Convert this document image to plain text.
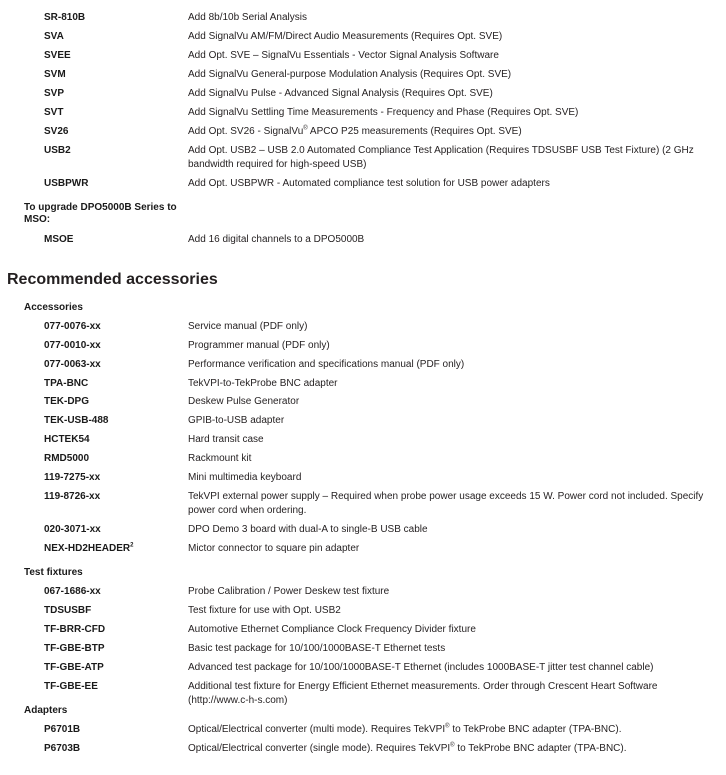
SR-810B	Add 8b/10b Serial Analysis
SVA	Add SignalVu AM/FM/Direct Audio Measurements (Requires Opt. SVE)
SVEE	Add Opt. SVE – SignalVu Essentials - Vector Signal Analysis Software
SVM	Add SignalVu General-purpose Modulation Analysis (Requires Opt. SVE)
SVP	Add SignalVu Pulse - Advanced Signal Analysis (Requires Opt. SVE)
SVT	Add SignalVu Settling Time Measurements - Frequency and Phase (Requires Opt. SVE)
SV26	Add Opt. SV26 - SignalVu® APCO P25 measurements (Requires Opt. SVE)
USB2	Add Opt. USB2 – USB 2.0 Automated Compliance Test Application (Requires TDSUSBF USB Test Fixture) (2 GHz bandwidth required for high-speed USB)
USBPWR	Add Opt. USBPWR - Automated compliance test solution for USB power adapters
To upgrade DPO5000B Series to MSO:
MSOE	Add 16 digital channels to a DPO5000B
Recommended accessories
Accessories
077-0076-xx	Service manual (PDF only)
077-0010-xx	Programmer manual (PDF only)
077-0063-xx	Performance verification and specifications manual (PDF only)
TPA-BNC	TekVPI-to-TekProbe BNC adapter
TEK-DPG	Deskew Pulse Generator
TEK-USB-488	GPIB-to-USB adapter
HCTEK54	Hard transit case
RMD5000	Rackmount kit
119-7275-xx	Mini multimedia keyboard
119-8726-xx	TekVPI external power supply – Required when probe power usage exceeds 15 W. Power cord not included. Specify power cord when ordering.
020-3071-xx	DPO Demo 3 board with dual-A to single-B USB cable
NEX-HD2HEADER$^2$	Mictor connector to square pin adapter
Test fixtures
067-1686-xx	Probe Calibration / Power Deskew test fixture
TDSUSBF	Test fixture for use with Opt. USB2
TF-BRR-CFD	Automotive Ethernet Compliance Clock Frequency Divider fixture
TF-GBE-BTP	Basic test package for 10/100/1000BASE-T Ethernet tests
TF-GBE-ATP	Advanced test package for 10/100/1000BASE-T Ethernet (includes 1000BASE-T jitter test channel cable)
TF-GBE-EE	Additional test fixture for Energy Efficient Ethernet measurements. Order through Crescent Heart Software (http://www.c-h-s.com)
Adapters
P6701B	Optical/Electrical converter (multi mode). Requires TekVPI® to TekProbe BNC adapter (TPA-BNC).
P6703B	Optical/Electrical converter (single mode). Requires TekVPI® to TekProbe BNC adapter (TPA-BNC).
